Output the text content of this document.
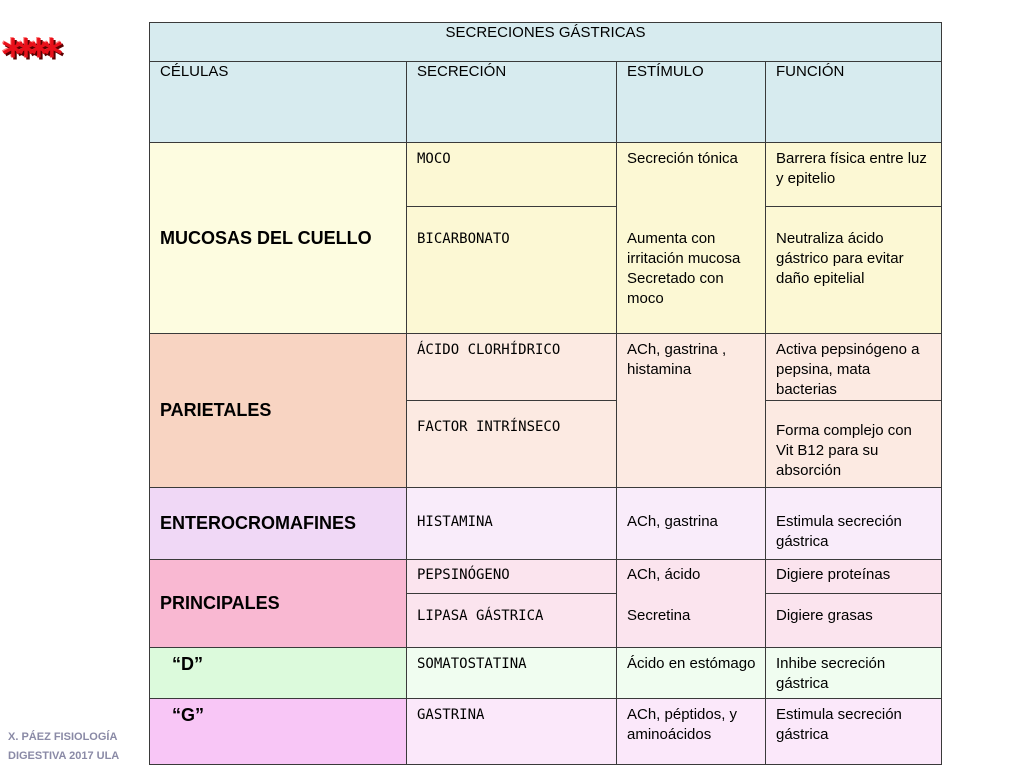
****	SECRECIONES GÁSTRICAS			

CÉLULAS	SECRECIÓN	ESTÍMULO	FUNCIÓN

MUCOSAS DEL CUELLO	MOCO	Secreción tónica	Barrera física entre luz y epitelio

	BICARBONATO	Aumenta con irritación mucosa Secretado con moco	Neutraliza ácido gástrico para evitar daño epitelial

PARIETALES	ÁCIDO CLORHÍDRICO	ACh, gastrina , histamina	Activa pepsinógeno a pepsina, mata bacterias

	FACTOR INTRÍNSECO		Forma complejo con Vit B12 para su absorción

ENTEROCROMAFINES	HISTAMINA	ACh, gastrina	Estimula secreción gástrica

PRINCIPALES	PEPSINÓGENO	ACh, ácido	Digiere proteínas

	LIPASA GÁSTRICA	Secretina	Digiere grasas

“D”	SOMATOSTATINA	Ácido en estómago	Inhibe secreción gástrica

“G”	GASTRINA	ACh, péptidos, y aminoácidos	Estimula secreción gástrica
X. PÁEZ FISIOLOGÍA
DIGESTIVA 2017 ULA
